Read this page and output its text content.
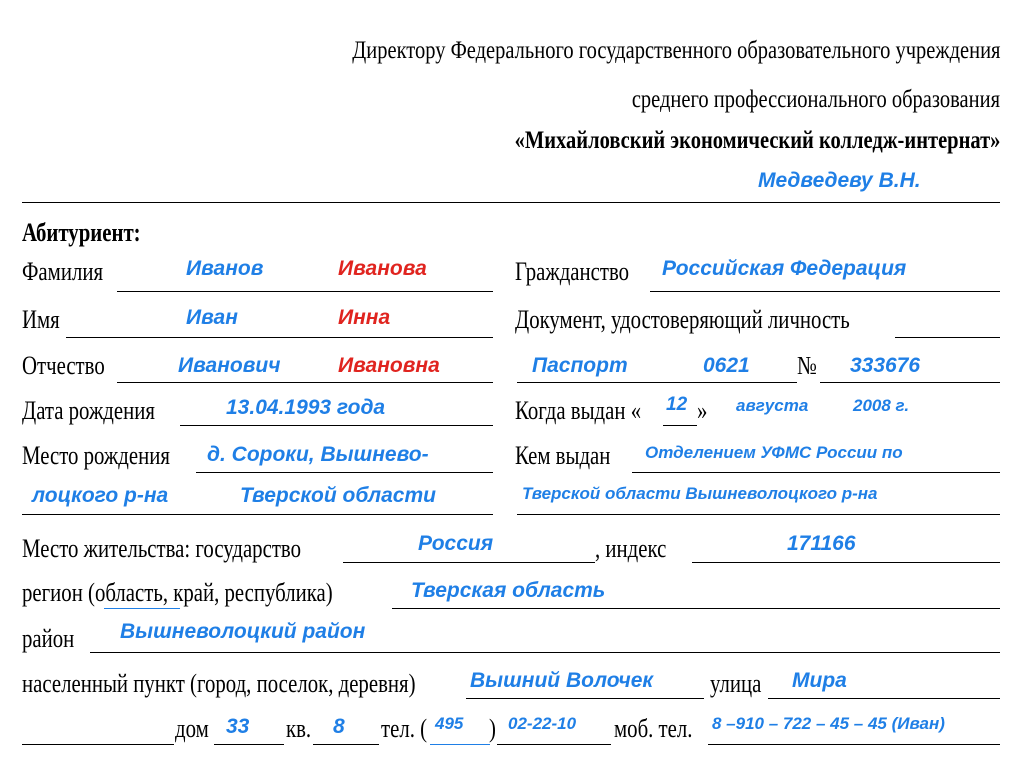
Директору Федерального государственного образовательного учреждения
среднего профессионального образования
«Михайловский экономический колледж-интернат»
Медведеву В.Н.
Абитуриент:
Фамилия	Иванов	Иванова	Гражданство Российская Федерация
Имя	Иван	Инна	Документ, удостоверяющий личность
Отчество	Иванович	Ивановна	Паспорт	0621 № 333676
Дата рождения	13.04.1993 года	Когда выдан « 12 » августа	2008 г.
Место рождения д. Сороки, Вышнево-
лоцкого р-на	Тверской области
Кем выдан Отделением УФМС России по
Тверской области Вышневолоцкого р-на
Место жительства: государство	Россия	, индекс	171166
регион (область, край, республика)	Тверская область
район Вышневолоцкий район
населенный пункт (город, поселок, деревня)	Вышний Волочек улица Мира
дом 33 кв. 8 тел. ( 495 ) 02-22-10 моб. тел. 8 –910 – 722 – 45 – 45 (Иван)
